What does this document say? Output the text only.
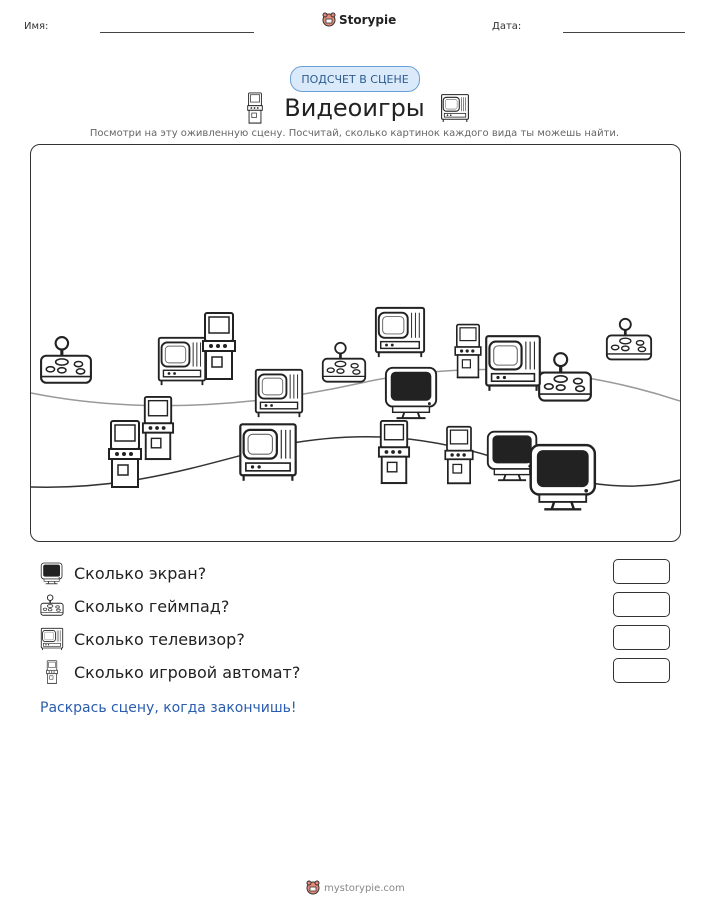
Имя:	Storypie	Дата:
ПОДСЧЕТ В СЦЕНЕ
Видеоигры
Посмотри на эту оживленную сцену. Посчитай, сколько картинок каждого вида ты можешь найти.
Сколько экран?
Сколько геймпад?
Сколько телевизор?
Сколько игровой автомат?
Раскрась сцену, когда закончишь!
mystorypie.com
